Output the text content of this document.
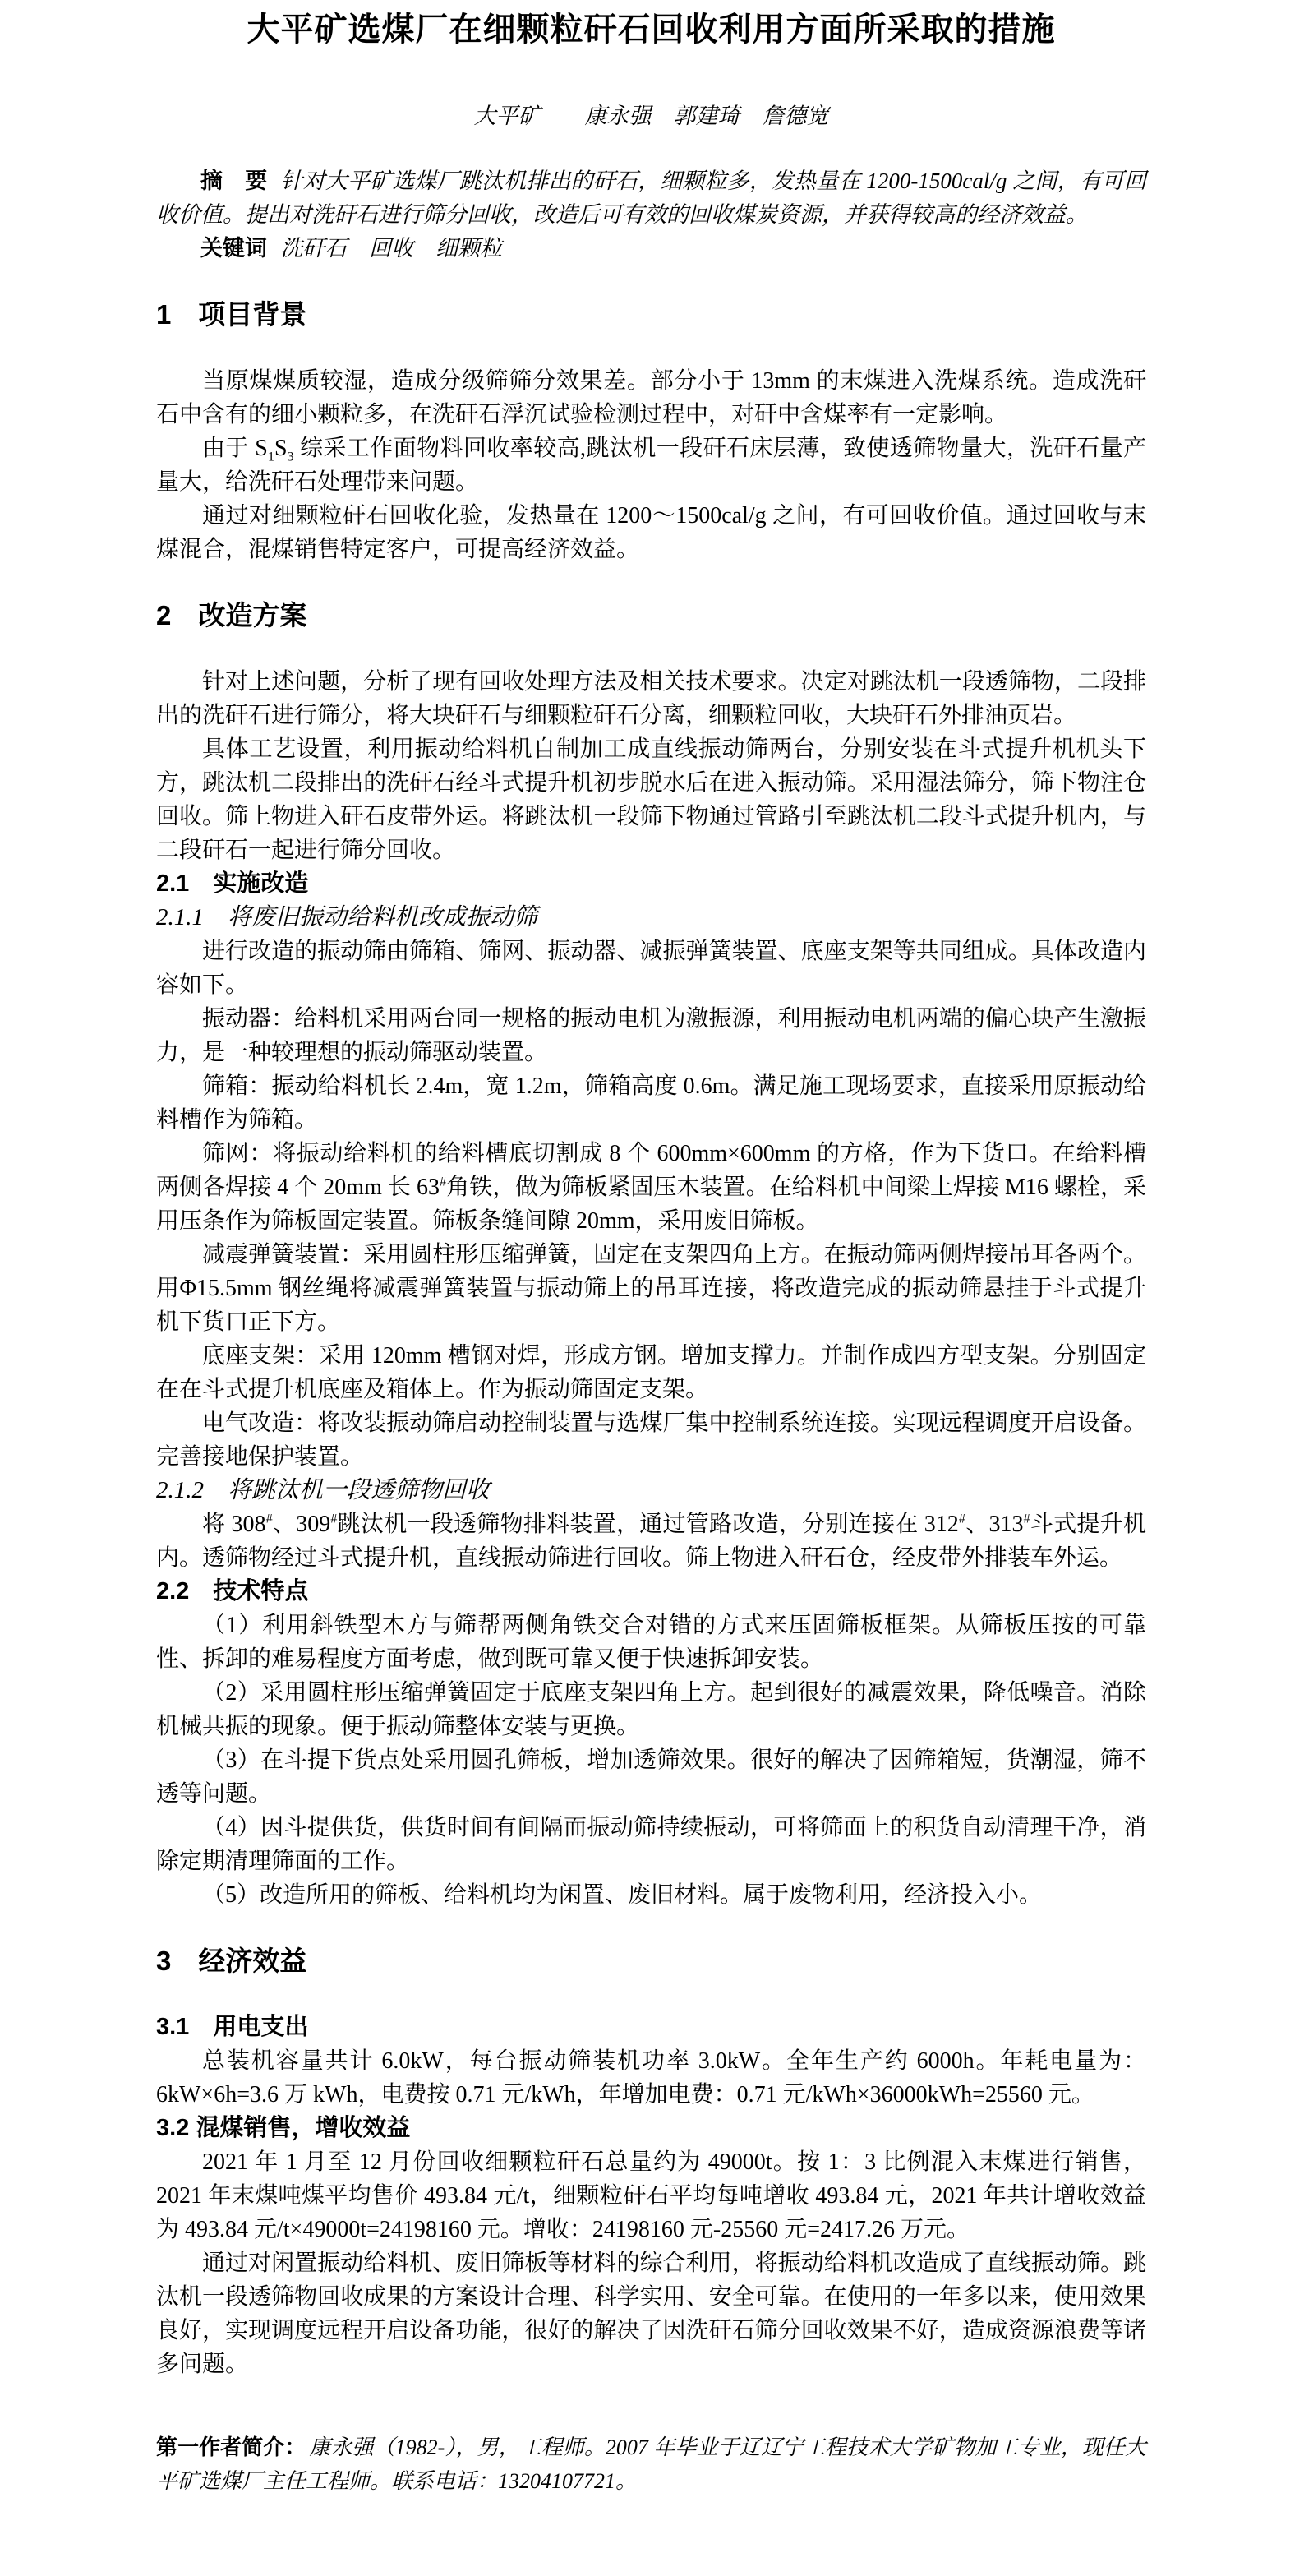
大平矿选煤厂在细颗粒矸石回收利用方面所采取的措施
大平矿　　康永强　郭建琦　詹德宽

摘　要 针对大平矿选煤厂跳汰机排出的矸石，细颗粒多，发热量在 1200-1500cal/g 之间，有可回收价值。提出对洗矸石进行筛分回收，改造后可有效的回收煤炭资源，并获得较高的经济效益。

关键词 洗矸石　回收　细颗粒

1　项目背景

当原煤煤质较湿，造成分级筛筛分效果差。部分小于 13mm 的末煤进入洗煤系统。造成洗矸石中含有的细小颗粒多，在洗矸石浮沉试验检测过程中，对矸中含煤率有一定影响。

由于 $S_1S_3$ 综采工作面物料回收率较高,跳汰机一段矸石床层薄，致使透筛物量大，洗矸石量产量大，给洗矸石处理带来问题。

通过对细颗粒矸石回收化验，发热量在 1200～1500cal/g 之间，有可回收价值。通过回收与末煤混合，混煤销售特定客户，可提高经济效益。

2　改造方案

针对上述问题，分析了现有回收处理方法及相关技术要求。决定对跳汰机一段透筛物，二段排出的洗矸石进行筛分，将大块矸石与细颗粒矸石分离，细颗粒回收，大块矸石外排油页岩。

具体工艺设置，利用振动给料机自制加工成直线振动筛两台，分别安装在斗式提升机机头下方，跳汰机二段排出的洗矸石经斗式提升机初步脱水后在进入振动筛。采用湿法筛分，筛下物注仓回收。筛上物进入矸石皮带外运。将跳汰机一段筛下物通过管路引至跳汰机二段斗式提升机内，与二段矸石一起进行筛分回收。

2.1　实施改造
2.1.1　将废旧振动给料机改成振动筛

进行改造的振动筛由筛箱、筛网、振动器、减振弹簧装置、底座支架等共同组成。具体改造内容如下。

振动器：给料机采用两台同一规格的振动电机为激振源，利用振动电机两端的偏心块产生激振力，是一种较理想的振动筛驱动装置。

筛箱：振动给料机长 2.4m，宽 1.2m，筛箱高度 0.6m。满足施工现场要求，直接采用原振动给料槽作为筛箱。

筛网：将振动给料机的给料槽底切割成 8 个 600mm×600mm 的方格，作为下货口。在给料槽两侧各焊接 4 个 20mm 长 63#角铁，做为筛板紧固压木装置。在给料机中间梁上焊接 M16 螺栓，采用压条作为筛板固定装置。筛板条缝间隙 20mm，采用废旧筛板。

减震弹簧装置：采用圆柱形压缩弹簧，固定在支架四角上方。在振动筛两侧焊接吊耳各两个。用Φ15.5mm 钢丝绳将减震弹簧装置与振动筛上的吊耳连接，将改造完成的振动筛悬挂于斗式提升机下货口正下方。

底座支架：采用 120mm 槽钢对焊，形成方钢。增加支撑力。并制作成四方型支架。分别固定在在斗式提升机底座及箱体上。作为振动筛固定支架。

电气改造：将改装振动筛启动控制装置与选煤厂集中控制系统连接。实现远程调度开启设备。完善接地保护装置。

2.1.2　将跳汰机一段透筛物回收

将 308#、309#跳汰机一段透筛物排料装置，通过管路改造，分别连接在 312#、313#斗式提升机内。透筛物经过斗式提升机，直线振动筛进行回收。筛上物进入矸石仓，经皮带外排装车外运。

2.2　技术特点

（1）利用斜铁型木方与筛帮两侧角铁交合对错的方式来压固筛板框架。从筛板压按的可靠性、拆卸的难易程度方面考虑，做到既可靠又便于快速拆卸安装。

（2）采用圆柱形压缩弹簧固定于底座支架四角上方。起到很好的减震效果，降低噪音。消除机械共振的现象。便于振动筛整体安装与更换。

（3）在斗提下货点处采用圆孔筛板，增加透筛效果。很好的解决了因筛箱短，货潮湿，筛不透等问题。

（4）因斗提供货，供货时间有间隔而振动筛持续振动，可将筛面上的积货自动清理干净，消除定期清理筛面的工作。

（5）改造所用的筛板、给料机均为闲置、废旧材料。属于废物利用，经济投入小。

3　经济效益
3.1　用电支出

总装机容量共计 6.0kW，每台振动筛装机功率 3.0kW。全年生产约 6000h。年耗电量为：6kW×6h=3.6 万 kWh，电费按 0.71 元/kWh，年增加电费：0.71 元/kWh×36000kWh=25560 元。

3.2 混煤销售，增收效益

2021 年 1 月至 12 月份回收细颗粒矸石总量约为 49000t。按 1：3 比例混入末煤进行销售，2021 年末煤吨煤平均售价 493.84 元/t，细颗粒矸石平均每吨增收 493.84 元，2021 年共计增收效益为 493.84 元/t×49000t=24198160 元。增收：24198160 元-25560 元=2417.26 万元。

通过对闲置振动给料机、废旧筛板等材料的综合利用，将振动给料机改造成了直线振动筛。跳汰机一段透筛物回收成果的方案设计合理、科学实用、安全可靠。在使用的一年多以来，使用效果良好，实现调度远程开启设备功能，很好的解决了因洗矸石筛分回收效果不好，造成资源浪费等诸多问题。

第一作者简介： 康永强（1982-），男，工程师。2007 年毕业于辽辽宁工程技术大学矿物加工专业，现任大平矿选煤厂主任工程师。联系电话：13204107721。
